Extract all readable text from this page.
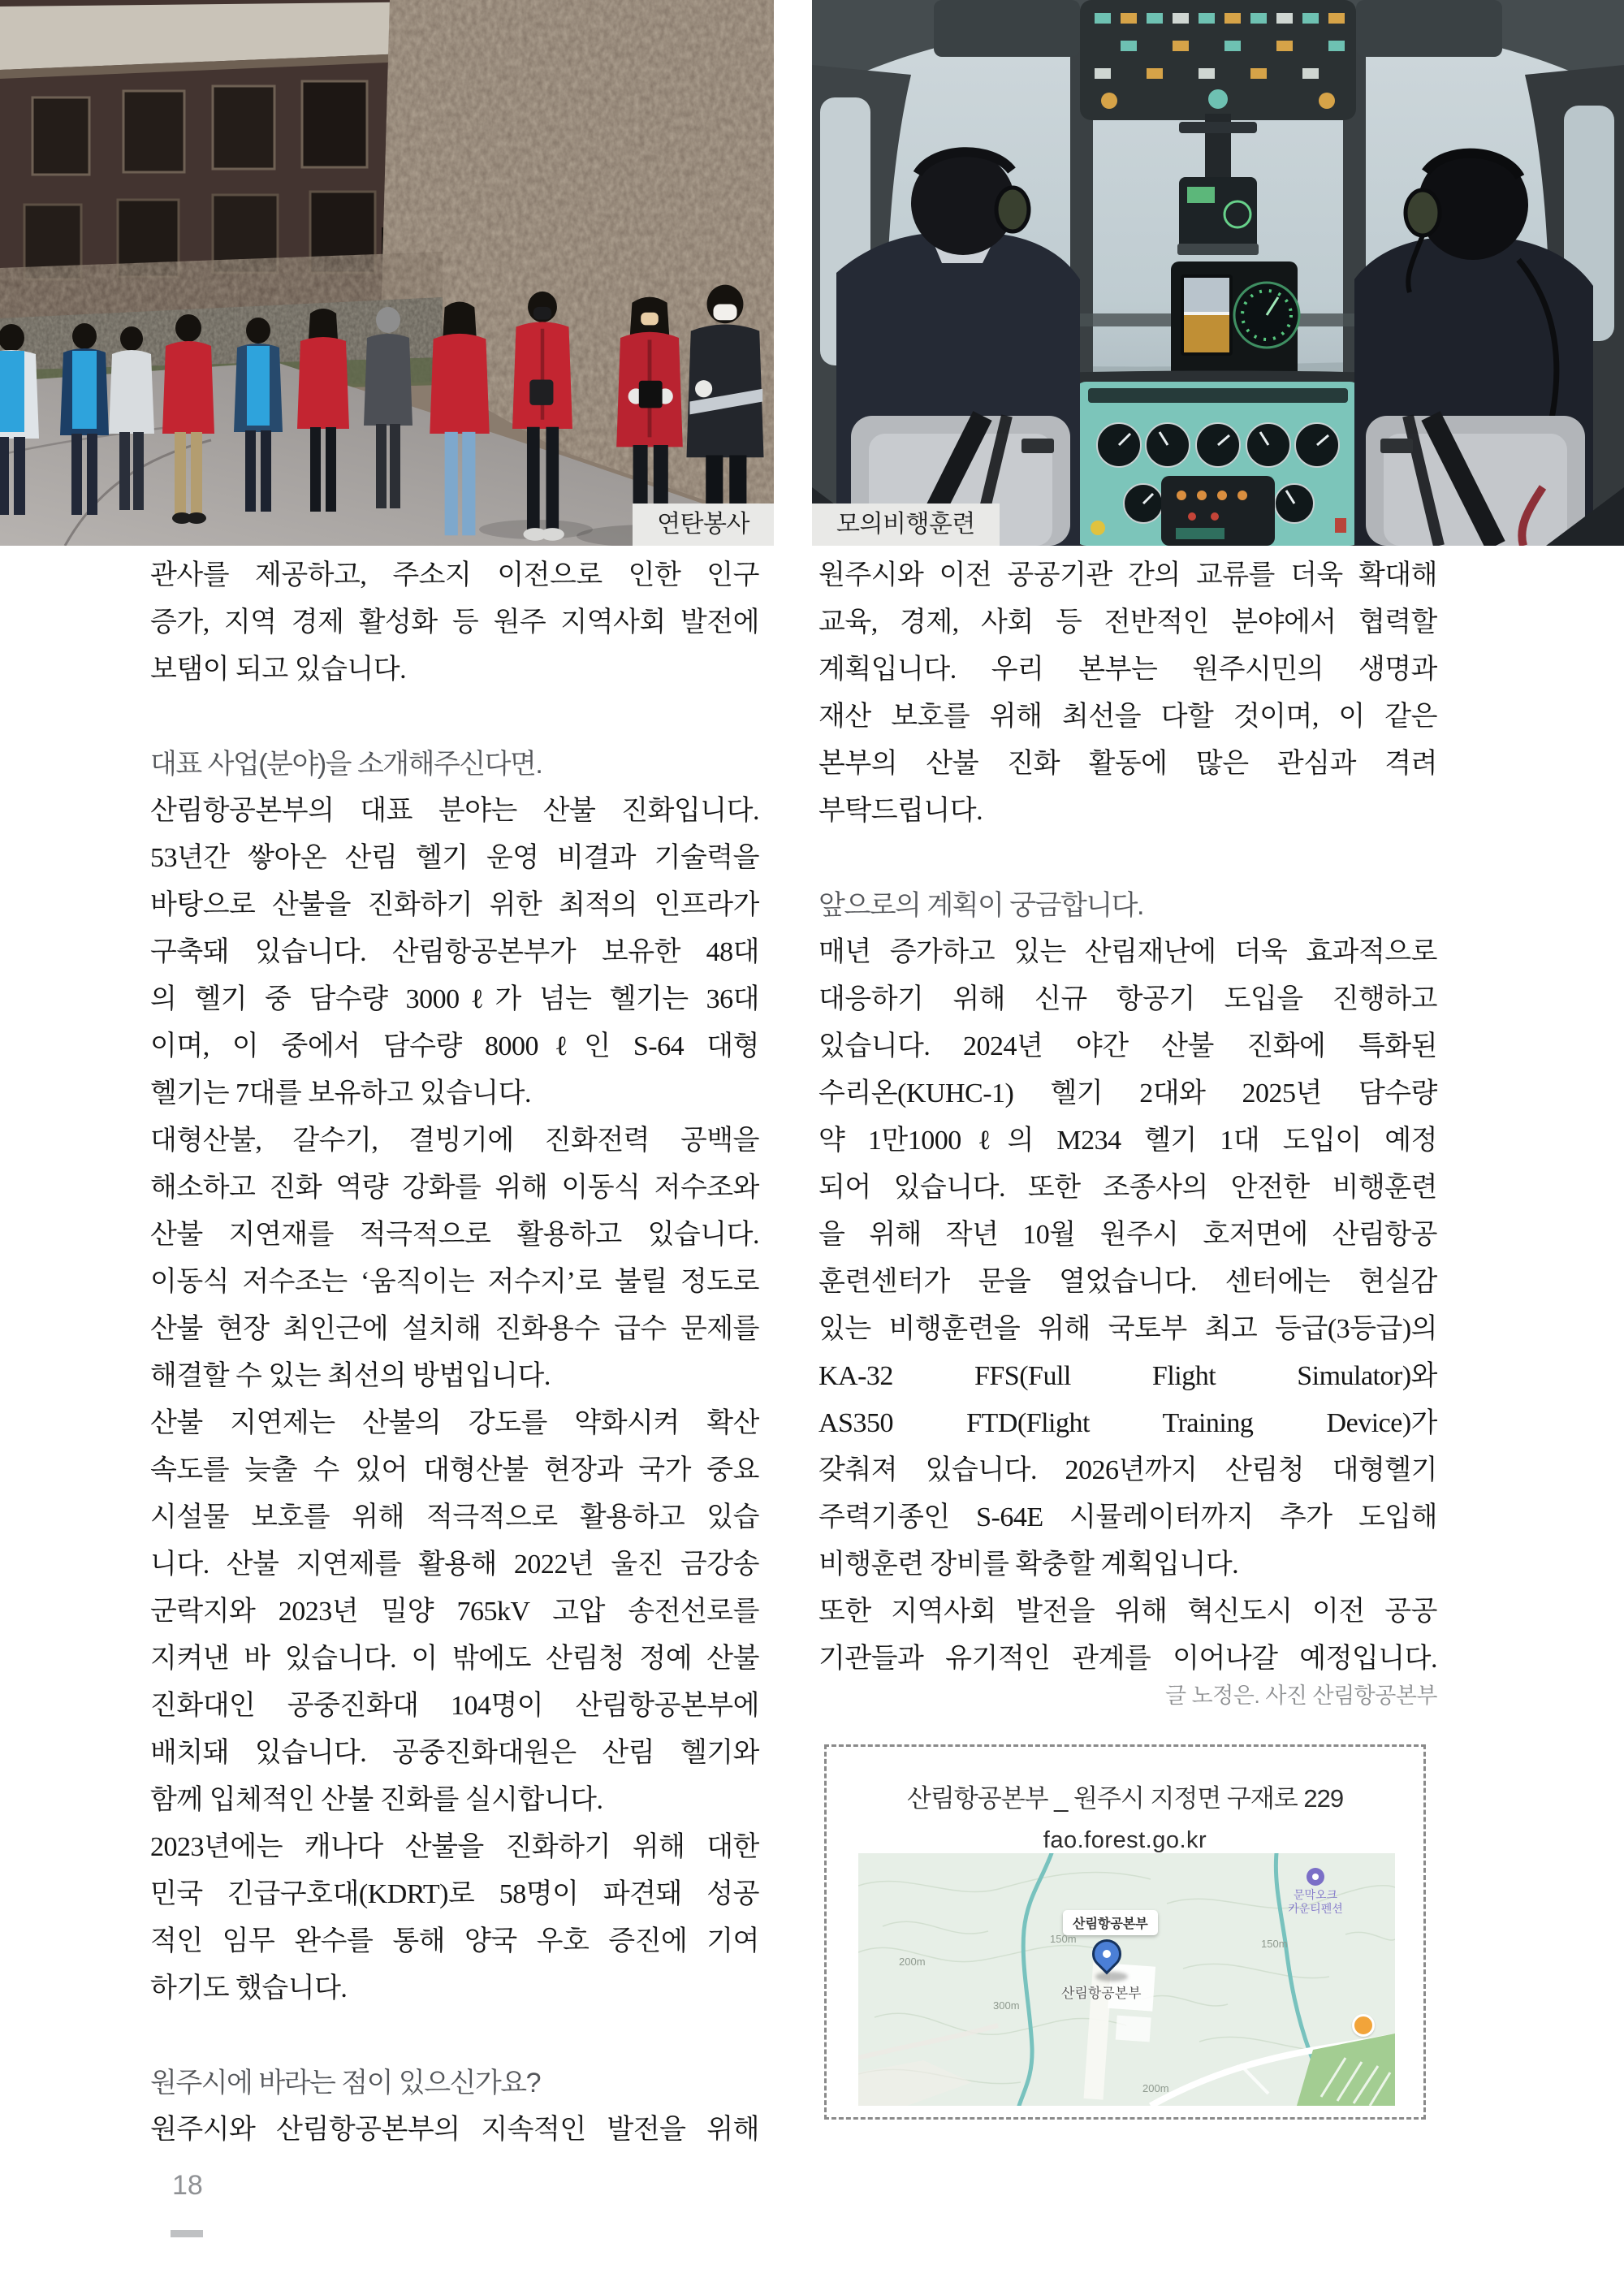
연탄봉사	모의비행훈련
관사를 제공하고, 주소지 이전으로 인한 인구
증가, 지역 경제 활성화 등 원주 지역사회 발전에
보탬이 되고 있습니다.
대표 사업(분야)을 소개해주신다면.
산림항공본부의 대표 분야는 산불 진화입니다.
53년간 쌓아온 산림 헬기 운영 비결과 기술력을
바탕으로 산불을 진화하기 위한 최적의 인프라가
구축돼 있습니다. 산림항공본부가 보유한 48대
의 헬기 중 담수량 3000ℓ가 넘는 헬기는 36대
이며, 이 중에서 담수량 8000ℓ인 S-64 대형
헬기는 7대를 보유하고 있습니다.
대형산불, 갈수기, 결빙기에 진화전력 공백을
해소하고 진화 역량 강화를 위해 이동식 저수조와
산불 지연재를 적극적으로 활용하고 있습니다.
이동식 저수조는 ‘움직이는 저수지’로 불릴 정도로
산불 현장 최인근에 설치해 진화용수 급수 문제를
해결할 수 있는 최선의 방법입니다.
산불 지연제는 산불의 강도를 약화시켜 확산
속도를 늦출 수 있어 대형산불 현장과 국가 중요
시설물 보호를 위해 적극적으로 활용하고 있습
니다. 산불 지연제를 활용해 2022년 울진 금강송
군락지와 2023년 밀양 765kV 고압 송전선로를
지켜낸 바 있습니다. 이 밖에도 산림청 정예 산불
진화대인 공중진화대 104명이 산림항공본부에
배치돼 있습니다. 공중진화대원은 산림 헬기와
함께 입체적인 산불 진화를 실시합니다.
2023년에는 캐나다 산불을 진화하기 위해 대한
민국 긴급구호대(KDRT)로 58명이 파견돼 성공
적인 임무 완수를 통해 양국 우호 증진에 기여
하기도 했습니다.
원주시에 바라는 점이 있으신가요?
원주시와 산림항공본부의 지속적인 발전을 위해
원주시와 이전 공공기관 간의 교류를 더욱 확대해
교육, 경제, 사회 등 전반적인 분야에서 협력할
계획입니다. 우리 본부는 원주시민의 생명과
재산 보호를 위해 최선을 다할 것이며, 이 같은
본부의 산불 진화 활동에 많은 관심과 격려
부탁드립니다.
앞으로의 계획이 궁금합니다.
매년 증가하고 있는 산림재난에 더욱 효과적으로
대응하기 위해 신규 항공기 도입을 진행하고
있습니다. 2024년 야간 산불 진화에 특화된
수리온(KUHC-1) 헬기 2대와 2025년 담수량
약 1만1000ℓ의 M234 헬기 1대 도입이 예정
되어 있습니다. 또한 조종사의 안전한 비행훈련
을 위해 작년 10월 원주시 호저면에 산림항공
훈련센터가 문을 열었습니다. 센터에는 현실감
있는 비행훈련을 위해 국토부 최고 등급(3등급)의
KA-32 FFS(Full Flight Simulator)와
AS350 FTD(Flight Training Device)가
갖춰져 있습니다. 2026년까지 산림청 대형헬기
주력기종인 S-64E 시뮬레이터까지 추가 도입해
비행훈련 장비를 확충할 계획입니다.
또한 지역사회 발전을 위해 혁신도시 이전 공공
기관들과 유기적인 관계를 이어나갈 예정입니다.
글 노정은. 사진 산림항공본부
산림항공본부 _ 원주시 지정면 구재로 229
fao.forest.go.kr
산림항공본부
산림항공본부
문막오크
카운티펜션
150m
200m
300m
200m
150m
18
